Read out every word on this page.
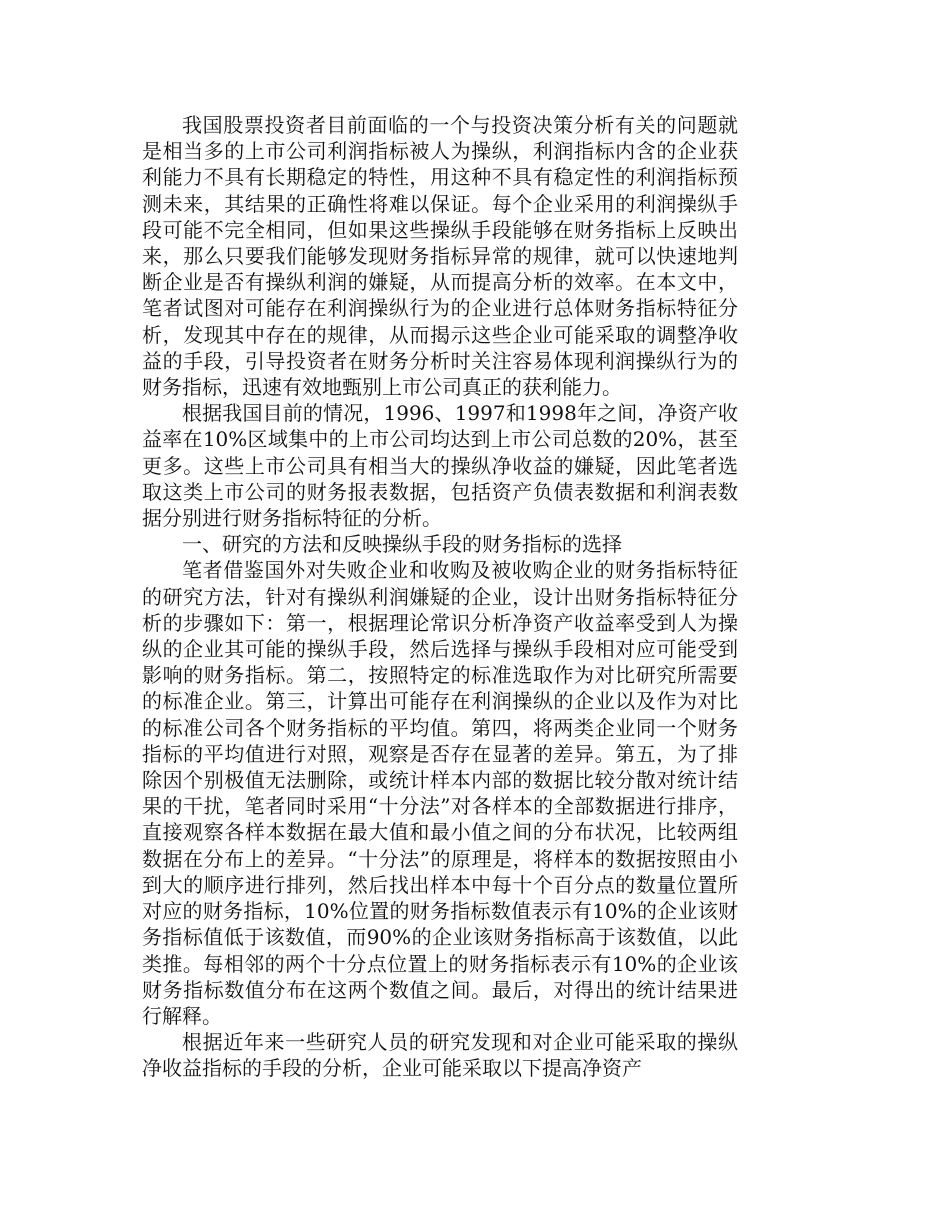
我国股票投资者目前面临的一个与投资决策分析有关的问题就是相当多的上市公司利润指标被人为操纵，利润指标内含的企业获利能力不具有长期稳定的特性，用这种不具有稳定性的利润指标预测未来，其结果的正确性将难以保证。每个企业采用的利润操纵手段可能不完全相同，但如果这些操纵手段能够在财务指标上反映出来，那么只要我们能够发现财务指标异常的规律，就可以快速地判断企业是否有操纵利润的嫌疑，从而提高分析的效率。在本文中，笔者试图对可能存在利润操纵行为的企业进行总体财务指标特征分析，发现其中存在的规律，从而揭示这些企业可能采取的调整净收益的手段，引导投资者在财务分析时关注容易体现利润操纵行为的财务指标，迅速有效地甄别上市公司真正的获利能力。

根据我国目前的情况，1996、1997和1998年之间，净资产收益率在10%区域集中的上市公司均达到上市公司总数的20%，甚至更多。这些上市公司具有相当大的操纵净收益的嫌疑，因此笔者选取这类上市公司的财务报表数据，包括资产负债表数据和利润表数据分别进行财务指标特征的分析。

一、研究的方法和反映操纵手段的财务指标的选择

笔者借鉴国外对失败企业和收购及被收购企业的财务指标特征的研究方法，针对有操纵利润嫌疑的企业，设计出财务指标特征分析的步骤如下：第一，根据理论常识分析净资产收益率受到人为操纵的企业其可能的操纵手段，然后选择与操纵手段相对应可能受到影响的财务指标。第二，按照特定的标准选取作为对比研究所需要的标准企业。第三，计算出可能存在利润操纵的企业以及作为对比的标准公司各个财务指标的平均值。第四，将两类企业同一个财务指标的平均值进行对照，观察是否存在显著的差异。第五，为了排除因个别极值无法删除，或统计样本内部的数据比较分散对统计结果的干扰，笔者同时采用“十分法”对各样本的全部数据进行排序，直接观察各样本数据在最大值和最小值之间的分布状况，比较两组数据在分布上的差异。“十分法”的原理是，将样本的数据按照由小到大的顺序进行排列，然后找出样本中每十个百分点的数量位置所对应的财务指标，10%位置的财务指标数值表示有10%的企业该财务指标值低于该数值，而90%的企业该财务指标高于该数值，以此类推。每相邻的两个十分点位置上的财务指标表示有10%的企业该财务指标数值分布在这两个数值之间。最后，对得出的统计结果进行解释。

根据近年来一些研究人员的研究发现和对企业可能采取的操纵净收益指标的手段的分析，企业可能采取以下提高净资产
